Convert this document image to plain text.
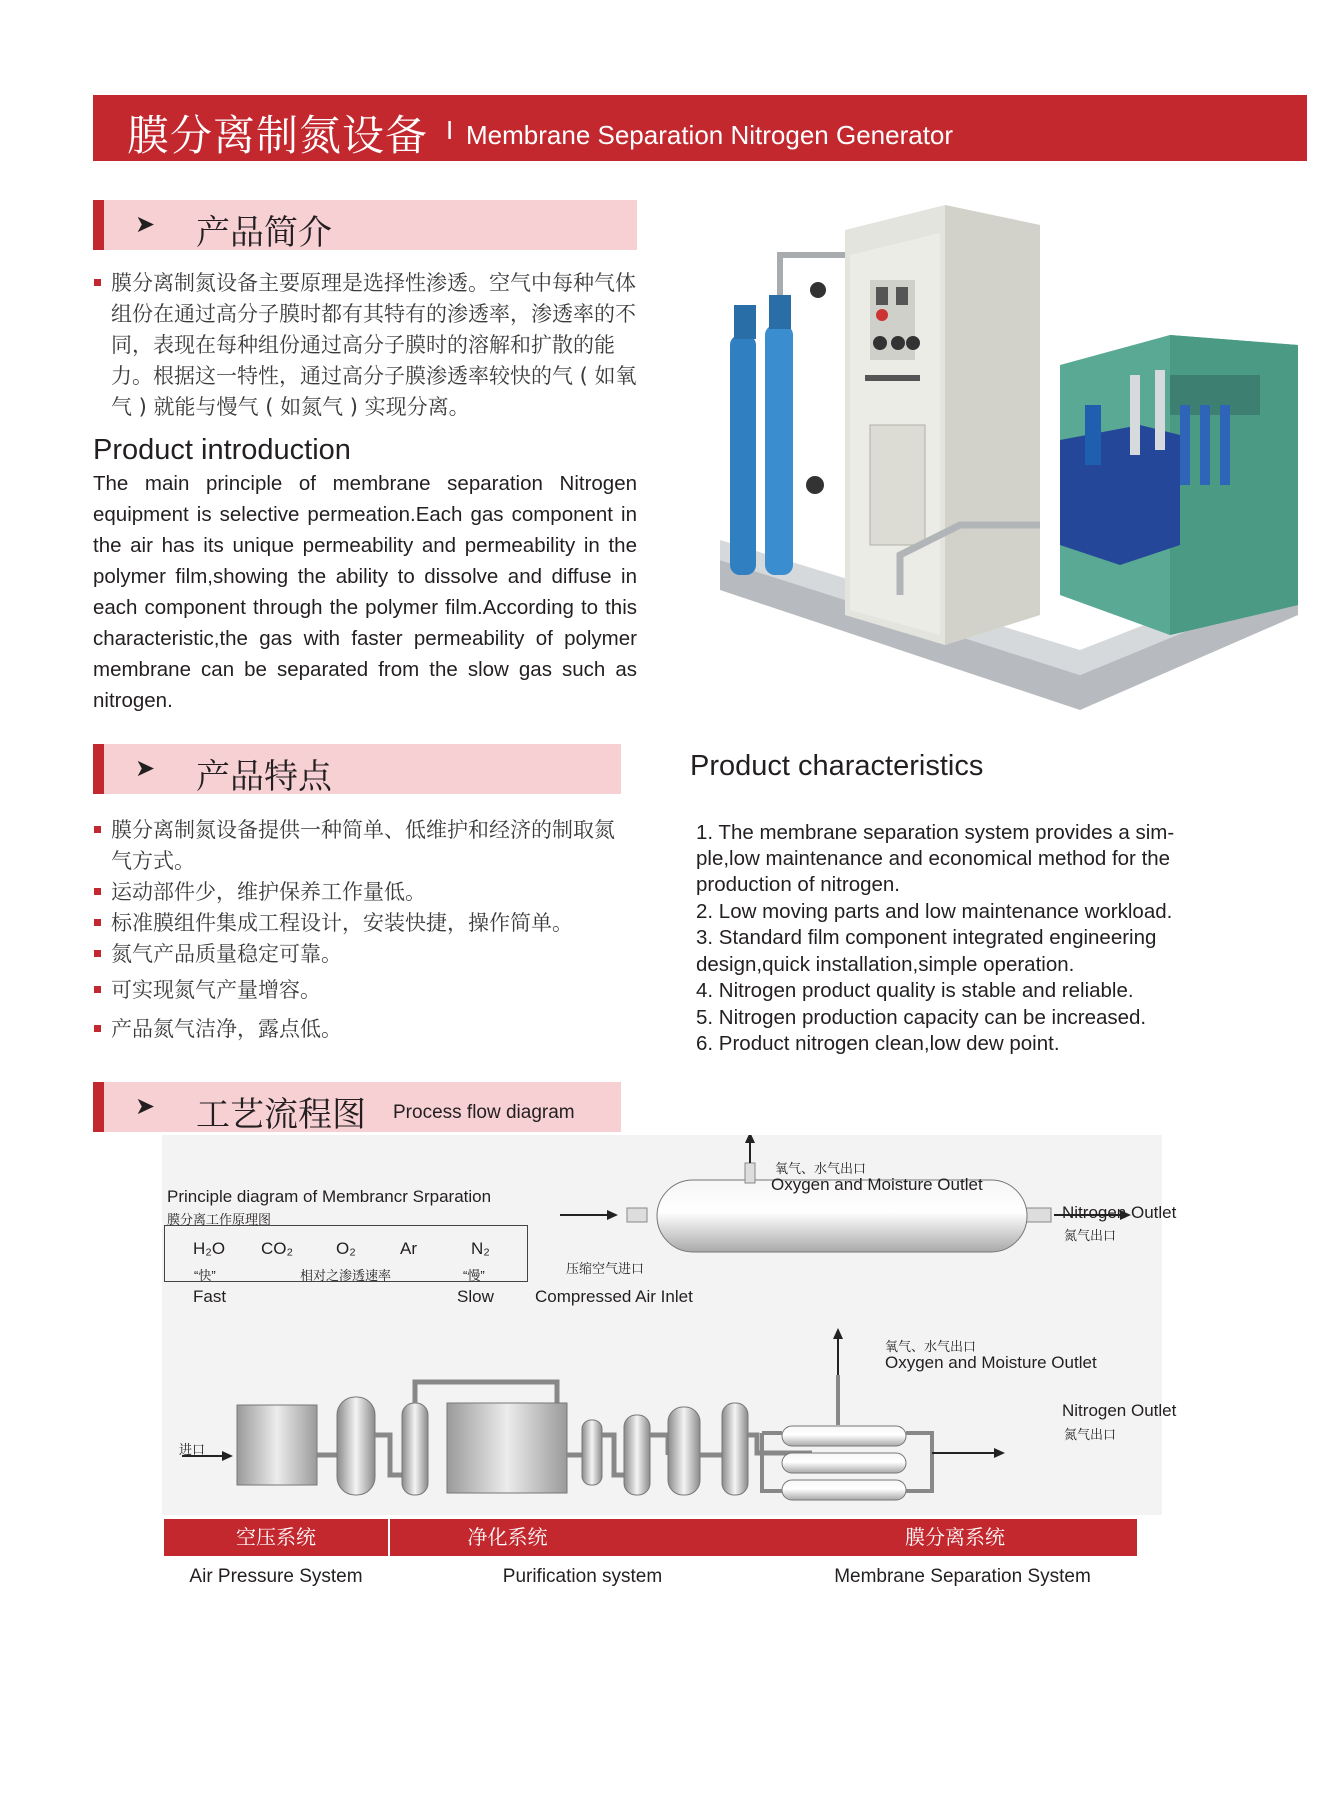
膜分离制氮设备 I Membrane Separation Nitrogen Generator
➤ 产品简介
膜分离制氮设备主要原理是选择性渗透。空气中每种气体组份在通过高分子膜时都有其特有的渗透率，渗透率的不同，表现在每种组份通过高分子膜时的溶解和扩散的能力。根据这一特性，通过高分子膜渗透率较快的气 ( 如氧气 ) 就能与慢气 ( 如氮气 ) 实现分离。
Product introduction
The main principle of membrane separation Nitrogen equipment is selective permeation.Each gas component in the air has its unique permeability and permeability in the polymer film,showing the ability to dissolve and diffuse in each component through the polymer film.According to this characteristic,the gas with faster permeability of polymer membrane can be separated from the slow gas such as nitrogen.
➤ 产品特点
膜分离制氮设备提供一种简单、低维护和经济的制取氮气方式。
运动部件少，维护保养工作量低。
标准膜组件集成工程设计，安装快捷，操作简单。
氮气产品质量稳定可靠。
可实现氮气产量增容。
产品氮气洁净，露点低。
Product characteristics
1. The membrane separation system provides a sim-
ple,low maintenance and economical method for the
production of nitrogen.
2. Low moving parts and low maintenance workload.
3. Standard film component integrated engineering
design,quick installation,simple operation.
4. Nitrogen product quality is stable and reliable.
5. Nitrogen production capacity can be increased.
6. Product nitrogen clean,low dew point.
➤ 工艺流程图 Process flow diagram
Principle diagram of Membrancr Srparation
膜分离工作原理图
H₂O CO₂	O₂	Ar	N₂
“快”	相对之渗透速率	“慢”
Fast	Slow
压缩空气进口
Compressed Air Inlet
氧气、水气出口
Oxygen and Moisture Outlet
Nitrogen Outlet
氮气出口
氧气、水气出口
Oxygen and Moisture Outlet
Nitrogen Outlet
氮气出口
进口
空压系统	净化系统	膜分离系统
Air Pressure System	Purification system	Membrane Separation System
